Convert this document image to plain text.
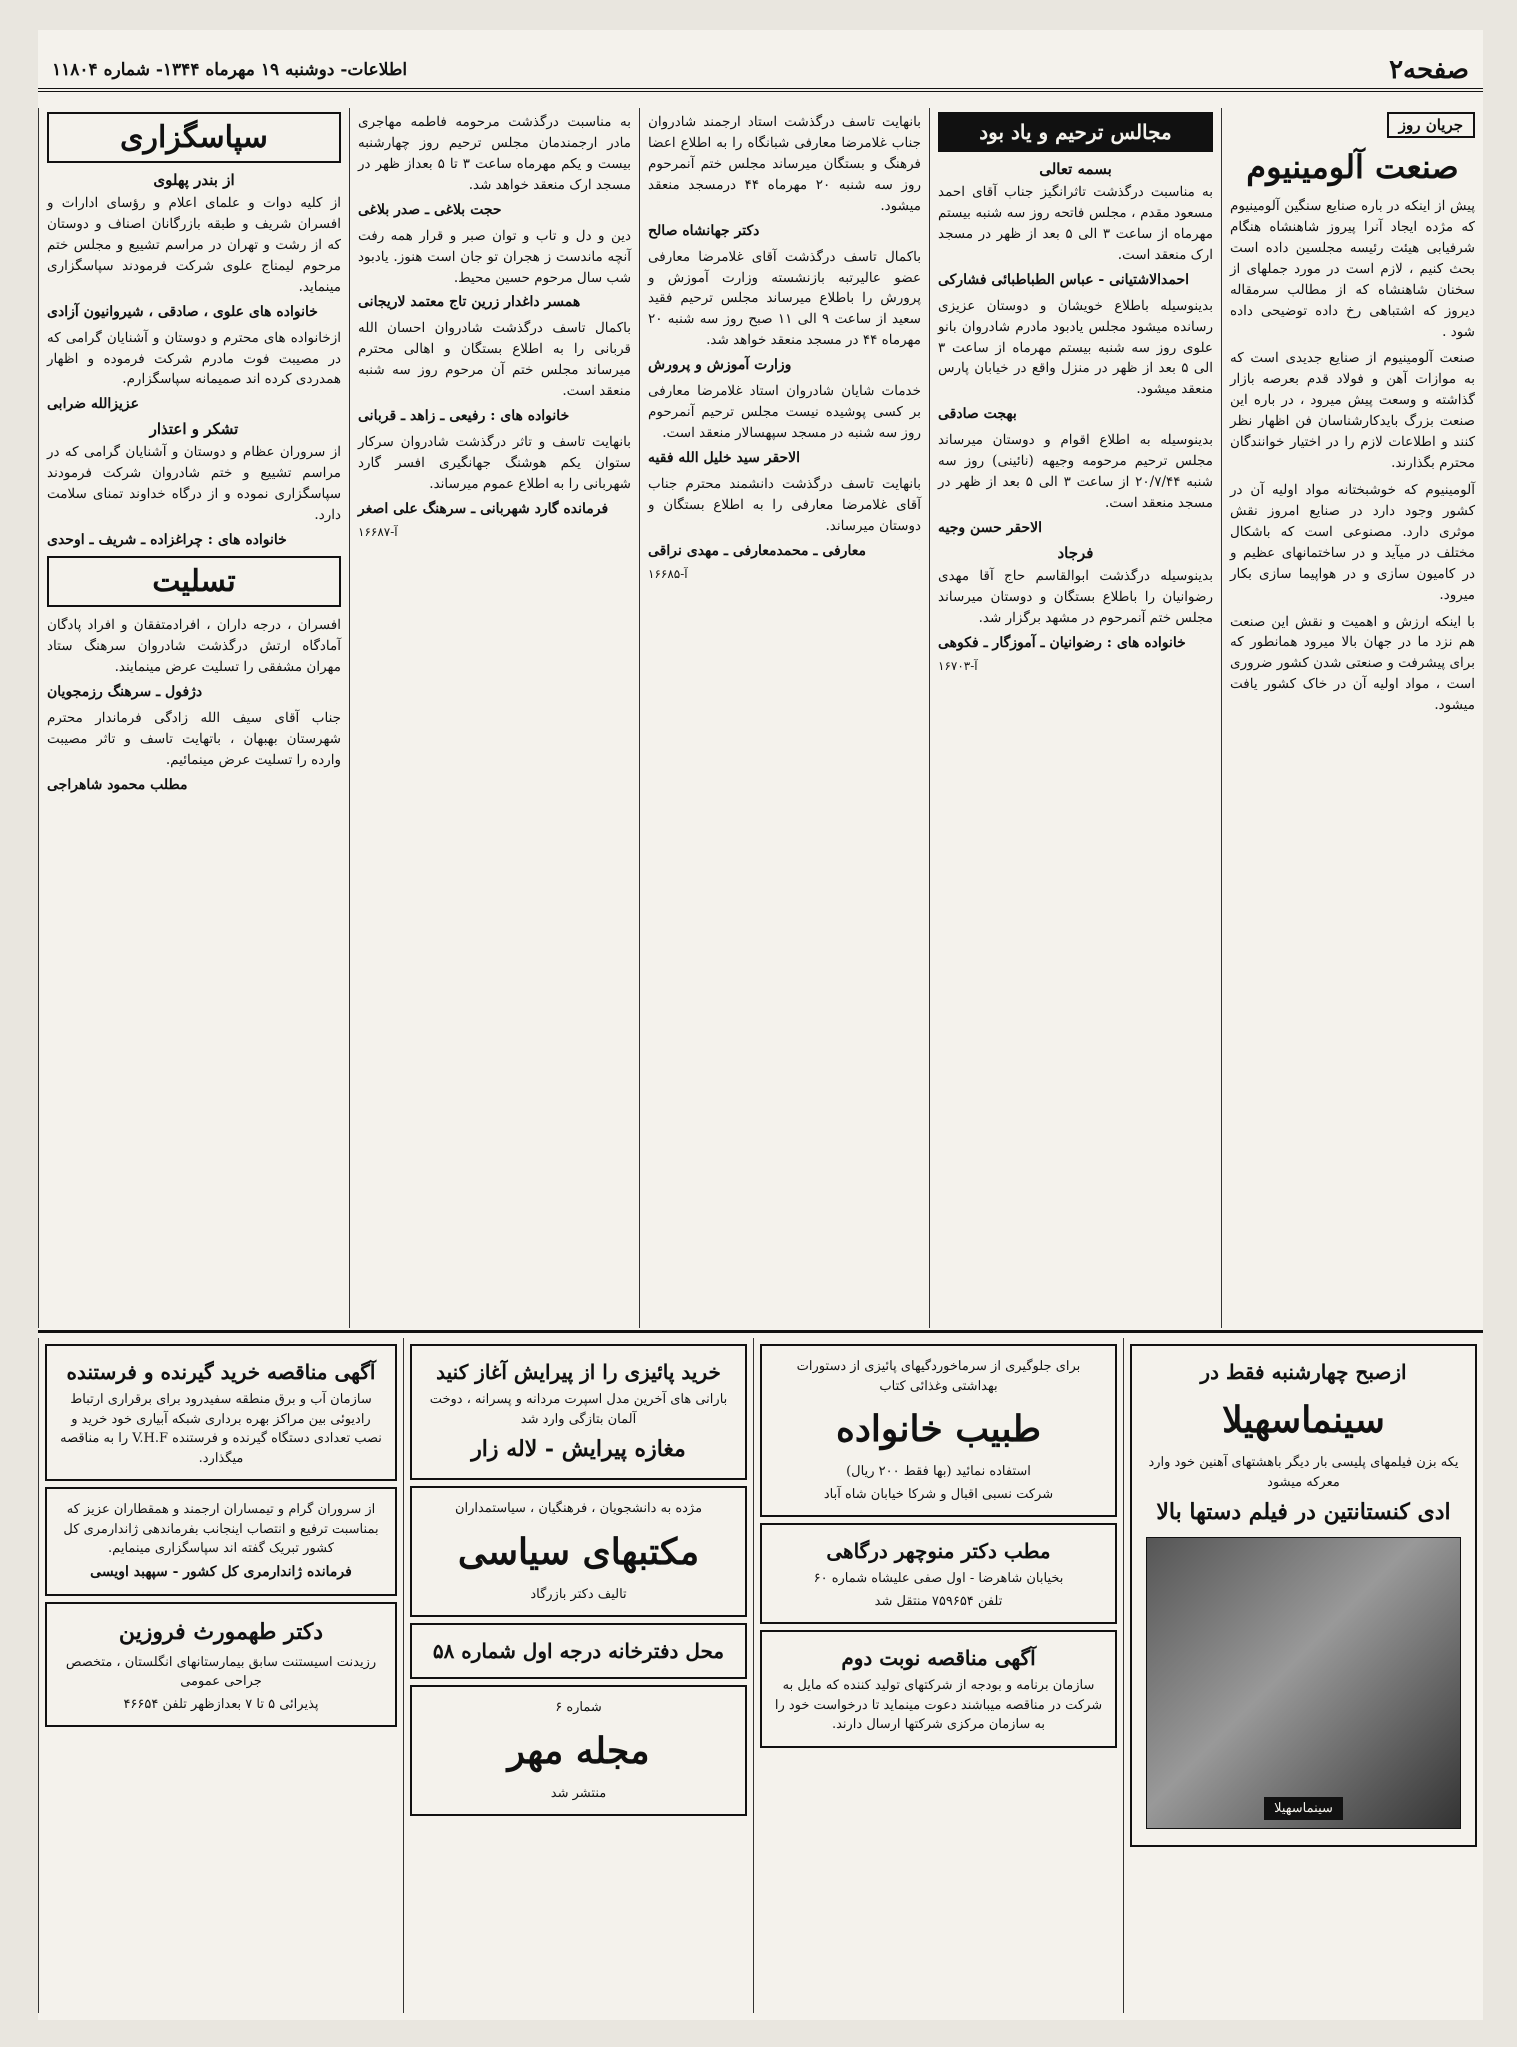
صفحه۲
اطلاعات- دوشنبه ۱۹ مهرماه ۱۳۴۴- شماره ۱۱۸۰۴
جریان روز
صنعت آلومینیوم

پیش از اینکه در باره صنایع سنگین آلومینیوم که مژده ایجاد آنرا پیروز شاهنشاه هنگام شرفیابی هیئت رئیسه مجلسین داده است بحث کنیم ، لازم است در مورد جملهای از سخنان شاهنشاه که از مطالب سرمقاله دیروز که اشتباهی رخ داده توضیحی داده شود .

صنعت آلومینیوم از صنایع جدیدی است که به موازات آهن و فولاد قدم بعرصه بازار گذاشته و وسعت پیش میرود ، در باره این صنعت بزرگ بایدکارشناسان فن اظهار نظر کنند و اطلاعات لازم را در اختیار خوانندگان محترم بگذارند.

آلومینیوم که خوشبختانه مواد اولیه آن در کشور وجود دارد در صنایع امروز نقش موثری دارد. مصنوعی است که باشکال مختلف در میآید و در ساختمانهای عظیم و در کامیون سازی و در هواپیما سازی بکار میرود.

با اینکه ارزش و اهمیت و نقش این صنعت هم نزد ما در جهان بالا میرود همانطور که برای پیشرفت و صنعتی شدن کشور ضروری است ، مواد اولیه آن در خاک کشور یافت میشود.

مجالس ترحیم و یاد بود
بسمه تعالی

به مناسبت درگذشت تاثرانگیز جناب آقای احمد مسعود مقدم ، مجلس فاتحه روز سه شنبه بیستم مهرماه از ساعت ۳ الی ۵ بعد از ظهر در مسجد ارک منعقد است.

احمدالاشتیانی - عباس الطباطبائی فشارکی

بدینوسیله باطلاع خویشان و دوستان عزیزی رسانده میشود مجلس یادبود مادرم شادروان بانو علوی روز سه شنبه بیستم مهرماه از ساعت ۳ الی ۵ بعد از ظهر در منزل واقع در خیابان پارس منعقد میشود.

بهجت صادقی

بدینوسیله به اطلاع اقوام و دوستان میرساند مجلس ترحیم مرحومه وجیهه (نائینی) روز سه شنبه ۲۰/۷/۴۴ از ساعت ۳ الی ۵ بعد از ظهر در مسجد منعقد است.

الاحقر حسن وجیه
فرجاد

بدینوسیله درگذشت ابوالقاسم حاج آقا مهدی رضوانیان را باطلاع بستگان و دوستان میرساند مجلس ختم آنمرحوم در مشهد برگزار شد.

خانواده های : رضوانیان ـ آموزگار ـ فکوهی
آ-۱۶۷۰۳

بانهایت تاسف درگذشت استاد ارجمند شادروان جناب غلامرضا معارفی شبانگاه را به اطلاع اعضا فرهنگ و بستگان میرساند مجلس ختم آنمرحوم روز سه شنبه ۲۰ مهرماه ۴۴ درمسجد منعقد میشود.

دکتر جهانشاه صالح

باکمال تاسف درگذشت آقای غلامرضا معارفی عضو عالیرتبه بازنشسته وزارت آموزش و پرورش را باطلاع میرساند مجلس ترحیم فقید سعید از ساعت ۹ الی ۱۱ صبح روز سه شنبه ۲۰ مهرماه ۴۴ در مسجد منعقد خواهد شد.

وزارت آموزش و پرورش

خدمات شایان شادروان استاد غلامرضا معارفی بر کسی پوشیده نیست مجلس ترحیم آنمرحوم روز سه شنبه در مسجد سپهسالار منعقد است.

الاحقر سید خلیل الله فقیه

بانهایت تاسف درگذشت دانشمند محترم جناب آقای غلامرضا معارفی را به اطلاع بستگان و دوستان میرساند.

معارفی ـ محمدمعارفی ـ مهدی نراقی
آ-۱۶۶۸۵

به مناسبت درگذشت مرحومه فاطمه مهاجری مادر ارجمندمان مجلس ترحیم روز چهارشنبه بیست و یکم مهرماه ساعت ۳ تا ۵ بعداز ظهر در مسجد ارک منعقد خواهد شد.

حجت بلاغی ـ صدر بلاغی

دین و دل و تاب و توان صبر و قرار همه رفت آنچه ماندست ز هجران تو جان است هنوز. یادبود شب سال مرحوم حسین محیط.

همسر داغدار زرین تاج معتمد لاریجانی

باکمال تاسف درگذشت شادروان احسان الله قربانی را به اطلاع بستگان و اهالی محترم میرساند مجلس ختم آن مرحوم روز سه شنبه منعقد است.

خانواده های : رفیعی ـ زاهد ـ قربانی

بانهایت تاسف و تاثر درگذشت شادروان سرکار ستوان یکم هوشنگ جهانگیری افسر گارد شهربانی را به اطلاع عموم میرساند.

فرمانده گارد شهربانی ـ سرهنگ علی اصغر
آ-۱۶۶۸۷
سپاسگزاری
از بندر پهلوی

از کلیه دوات و علمای اعلام و رؤسای ادارات و افسران شریف و طبقه بازرگانان اصناف و دوستان که از رشت و تهران در مراسم تشییع و مجلس ختم مرحوم لیمناج علوی شرکت فرمودند سپاسگزاری مینماید.

خانواده های علوی ، صادقی ، شیروانیون آزادی

ازخانواده های محترم و دوستان و آشنایان گرامی که در مصیبت فوت مادرم شرکت فرموده و اظهار همدردی کرده اند صمیمانه سپاسگزارم.

عزیزالله ضرابی
تشکر و اعتذار

از سروران عظام و دوستان و آشنایان گرامی که در مراسم تشییع و ختم شادروان شرکت فرمودند سپاسگزاری نموده و از درگاه خداوند تمنای سلامت دارد.

خانواده های : چراغزاده ـ شریف ـ اوحدی
تسلیت

افسران ، درجه داران ، افرادمتفقان و افراد پادگان آمادگاه ارتش درگذشت شادروان سرهنگ ستاد مهران مشفقی را تسلیت عرض مینمایند.

دژفول ـ سرهنگ رزمجویان

جناب آقای سیف الله زادگی فرماندار محترم شهرستان بهبهان ، باتهایت تاسف و تاثر مصیبت وارده را تسلیت عرض مینمائیم.

مطلب محمود شاهراجی

ازصبح چهارشنبه فقط در

سینماسهیلا

یکه بزن فیلمهای پلیسی بار دیگر باهشتهای آهنین خود وارد معرکه میشود

ادی کنستانتین در فیلم دستها بالا

سینماسهیلا

برای جلوگیری از سرماخوردگیهای پائیزی از دستورات بهداشتی وغذائی کتاب

طبیب خانواده

استفاده نمائید (بها فقط ۲۰۰ ریال)

شرکت نسبی اقبال و شرکا خیابان شاه آباد

مطب دکتر منوچهر درگاهی

بخیابان شاهرضا - اول صفی علیشاه شماره ۶۰

تلفن ۷۵۹۶۵۴ منتقل شد

آگهی مناقصه نوبت دوم

سازمان برنامه و بودجه از شرکتهای تولید کننده که مایل به شرکت در مناقصه میباشند دعوت مینماید تا درخواست خود را به سازمان مرکزی شرکتها ارسال دارند.

خرید پائیزی را از پیرایش آغاز کنید

بارانی های آخرین مدل اسپرت مردانه و پسرانه ، دوخت آلمان بتازگی وارد شد

مغازه پیرایش - لاله زار

مژده به دانشجویان ، فرهنگیان ، سیاستمداران

مکتبهای سیاسی

تالیف دکتر بازرگاد

محل دفترخانه درجه اول شماره ۵۸

شماره ۶

مجله مهر

منتشر شد

آگهی مناقصه خرید گیرنده و فرستنده

سازمان آب و برق منطقه سفیدرود برای برقراری ارتباط رادیوئی بین مراکز بهره برداری شبکه آبیاری خود خرید و نصب تعدادی دستگاه گیرنده و فرستنده V.H.F را به مناقصه میگذارد.

از سروران گرام و تیمساران ارجمند و همقطاران عزیز که بمناسبت ترفیع و انتصاب اینجانب بفرماندهی ژاندارمری کل کشور تبریک گفته اند سپاسگزاری مینمایم.

فرمانده ژاندارمری کل کشور - سپهبد اویسی

دکتر طهمورث فروزین

رزیدنت اسیستنت سابق بیمارستانهای انگلستان ، متخصص جراحی عمومی

پذیرائی ۵ تا ۷ بعدازظهر تلفن ۴۶۶۵۴
